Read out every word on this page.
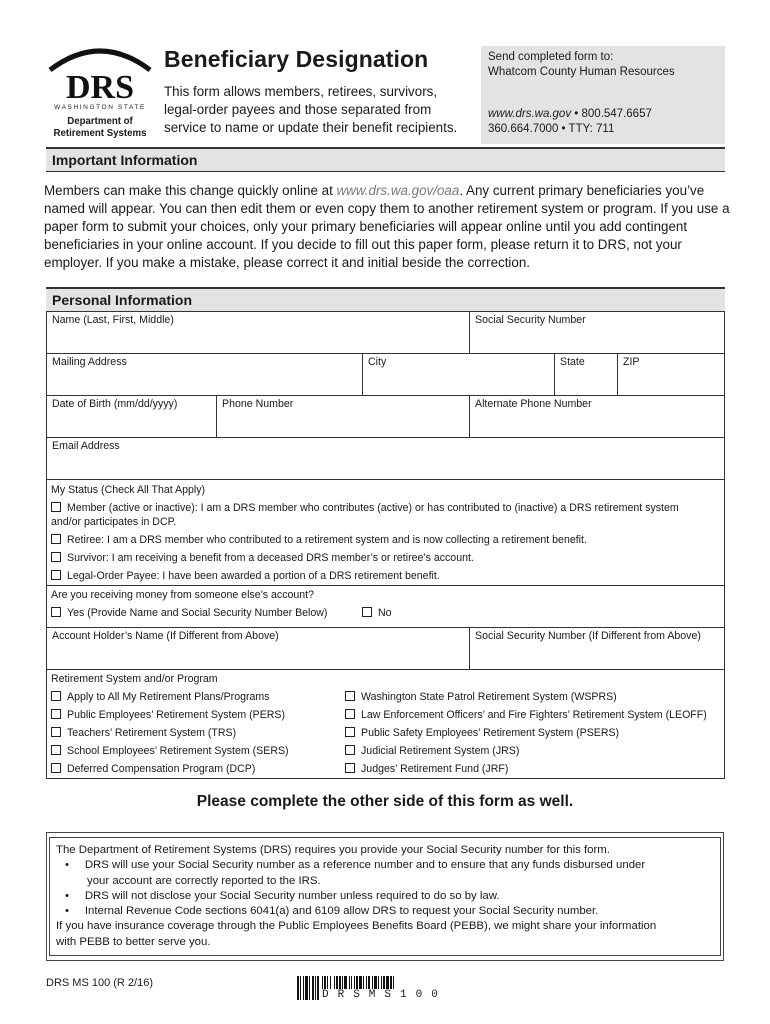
DRS
WASHINGTON STATE
Department of
Retirement Systems
Beneficiary Designation
This form allows members, retirees, survivors,
legal-order payees and those separated from
service to name or update their benefit recipients.
Send completed form to:
Whatcom County Human Resources
www.drs.wa.gov • 800.547.6657
360.664.7000 • TTY: 711
Important Information
Members can make this change quickly online at www.drs.wa.gov/oaa. Any current primary beneficiaries you’ve named will appear. You can then edit them or even copy them to another retirement system or program. If you use a paper form to submit your choices, only your primary beneficiaries will appear online until you add contingent beneficiaries in your online account. If you decide to fill out this paper form, please return it to DRS, not your employer. If you make a mistake, please correct it and initial beside the correction.
Personal Information
Name (Last, First, Middle)	Social Security Number
Mailing Address	City	State	ZIP
Date of Birth (mm/dd/yyyy)	Phone Number	Alternate Phone Number
Email Address
My Status (Check All That Apply)
Member (active or inactive): I am a DRS member who contributes (active) or has contributed to (inactive) a DRS retirement system
and/or participates in DCP.
Retiree: I am a DRS member who contributed to a retirement system and is now collecting a retirement benefit.
Survivor: I am receiving a benefit from a deceased DRS member’s or retiree’s account.
Legal-Order Payee: I have been awarded a portion of a DRS retirement benefit.
Are you receiving money from someone else’s account?
Yes (Provide Name and Social Security Number Below)	No
Account Holder’s Name (If Different from Above)	Social Security Number (If Different from Above)
Retirement System and/or Program
Apply to All My Retirement Plans/Programs
Public Employees’ Retirement System (PERS)
Teachers’ Retirement System (TRS)
School Employees’ Retirement System (SERS)
Deferred Compensation Program (DCP)
Washington State Patrol Retirement System (WSPRS)
Law Enforcement Officers’ and Fire Fighters’ Retirement System (LEOFF)
Public Safety Employees’ Retirement System (PSERS)
Judicial Retirement System (JRS)
Judges’ Retirement Fund (JRF)
Please complete the other side of this form as well.
The Department of Retirement Systems (DRS) requires you provide your Social Security number for this form.
• DRS will use your Social Security number as a reference number and to ensure that any funds disbursed under
your account are correctly reported to the IRS.
• DRS will not disclose your Social Security number unless required to do so by law.
• Internal Revenue Code sections 6041(a) and 6109 allow DRS to request your Social Security number.
If you have insurance coverage through the Public Employees Benefits Board (PEBB), we might share your information
with PEBB to better serve you.
DRS MS 100 (R 2/16)
DRSMS100
